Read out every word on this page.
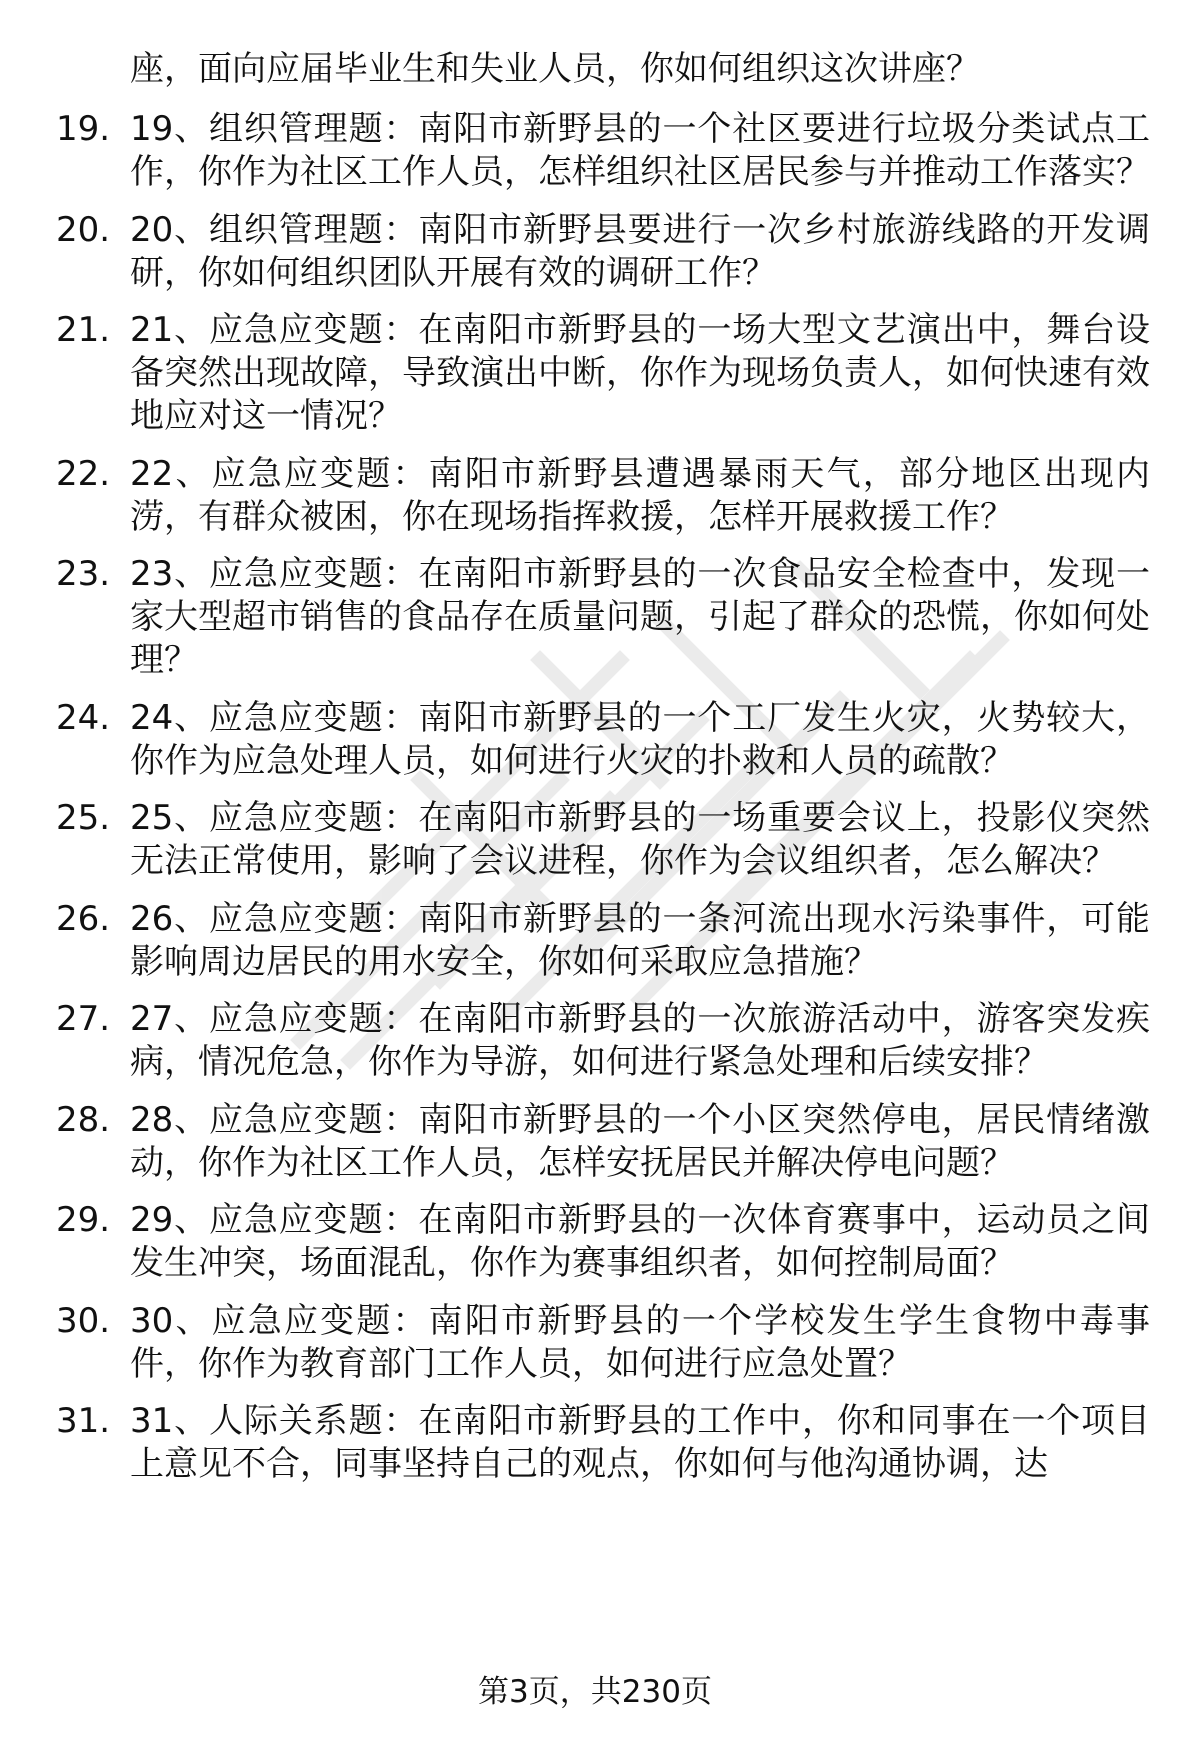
座，面向应届毕业生和失业人员，你如何组织这次讲座？

19. 19、组织管理题：南阳市新野县的一个社区要进行垃圾分类试点工作，你作为社区工作人员，怎样组织社区居民参与并推动工作落实？
20. 20、组织管理题：南阳市新野县要进行一次乡村旅游线路的开发调研，你如何组织团队开展有效的调研工作？
21. 21、应急应变题：在南阳市新野县的一场大型文艺演出中，舞台设备突然出现故障，导致演出中断，你作为现场负责人，如何快速有效地应对这一情况？
22. 22、应急应变题：南阳市新野县遭遇暴雨天气，部分地区出现内涝，有群众被困，你在现场指挥救援，怎样开展救援工作？
23. 23、应急应变题：在南阳市新野县的一次食品安全检查中，发现一家大型超市销售的食品存在质量问题，引起了群众的恐慌，你如何处理？
24. 24、应急应变题：南阳市新野县的一个工厂发生火灾，火势较大，你作为应急处理人员，如何进行火灾的扑救和人员的疏散？
25. 25、应急应变题：在南阳市新野县的一场重要会议上，投影仪突然无法正常使用，影响了会议进程，你作为会议组织者，怎么解决？
26. 26、应急应变题：南阳市新野县的一条河流出现水污染事件，可能影响周边居民的用水安全，你如何采取应急措施？
27. 27、应急应变题：在南阳市新野县的一次旅游活动中，游客突发疾病，情况危急，你作为导游，如何进行紧急处理和后续安排？
28. 28、应急应变题：南阳市新野县的一个小区突然停电，居民情绪激动，你作为社区工作人员，怎样安抚居民并解决停电问题？
29. 29、应急应变题：在南阳市新野县的一次体育赛事中，运动员之间发生冲突，场面混乱，你作为赛事组织者，如何控制局面？
30. 30、应急应变题：南阳市新野县的一个学校发生学生食物中毒事件，你作为教育部门工作人员，如何进行应急处置？
31. 31、人际关系题：在南阳市新野县的工作中，你和同事在一个项目上意见不合，同事坚持自己的观点，你如何与他沟通协调，达
第3页，共230页
